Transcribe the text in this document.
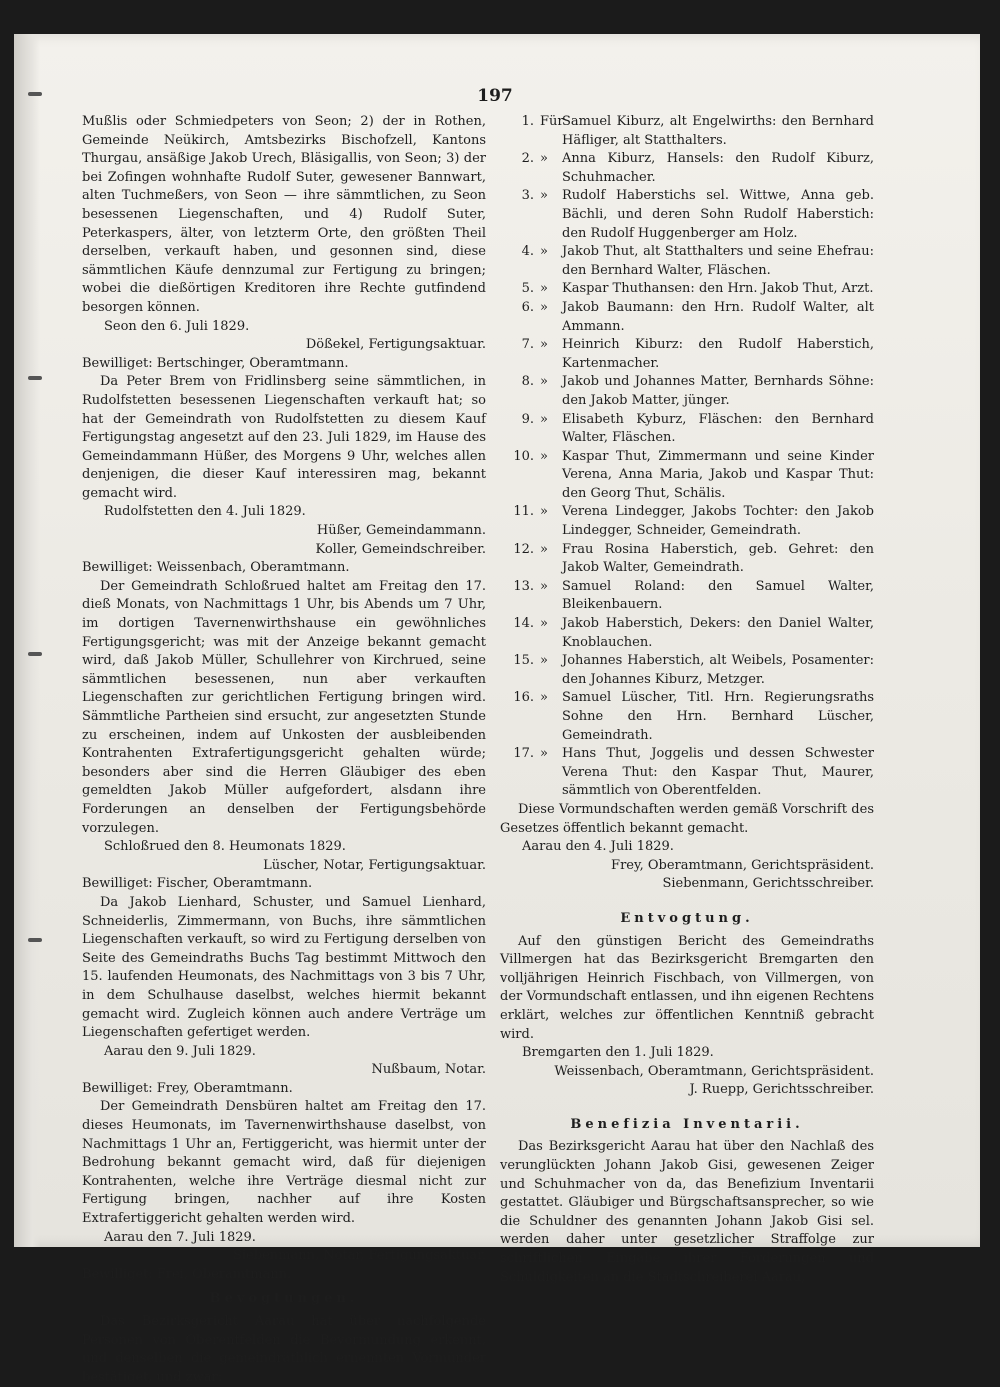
197

Mußlis oder Schmiedpeters von Seon; 2) der in Rothen, Gemeinde Neükirch, Amtsbezirks Bischofzell, Kantons Thurgau, ansäßige Jakob Urech, Bläsigallis, von Seon; 3) der bei Zofingen wohnhafte Rudolf Suter, gewesener Bannwart, alten Tuchmeßers, von Seon — ihre sämmtlichen, zu Seon besessenen Liegenschaften, und 4) Rudolf Suter, Peterkaspers, älter, von letzterm Orte, den größten Theil derselben, verkauft haben, und gesonnen sind, diese sämmtlichen Käufe dennzumal zur Fertigung zu bringen; wobei die dießörtigen Kreditoren ihre Rechte gutfindend besorgen können.

Seon den 6. Juli 1829.

Dößekel, Fertigungsaktuar.

Bewilliget: Bertschinger, Oberamtmann.

Da Peter Brem von Fridlinsberg seine sämmtlichen, in Rudolfstetten besessenen Liegenschaften verkauft hat; so hat der Gemeindrath von Rudolfstetten zu diesem Kauf Fertigungstag angesetzt auf den 23. Juli 1829, im Hause des Gemeindammann Hüßer, des Morgens 9 Uhr, welches allen denjenigen, die dieser Kauf interessiren mag, bekannt gemacht wird.

Rudolfstetten den 4. Juli 1829.

Hüßer, Gemeindammann.

Koller, Gemeindschreiber.

Bewilliget: Weissenbach, Oberamtmann.

Der Gemeindrath Schloßrued haltet am Freitag den 17. dieß Monats, von Nachmittags 1 Uhr, bis Abends um 7 Uhr, im dortigen Tavernenwirthshause ein gewöhnliches Fertigungsgericht; was mit der Anzeige bekannt gemacht wird, daß Jakob Müller, Schullehrer von Kirchrued, seine sämmtlichen besessenen, nun aber verkauften Liegenschaften zur gerichtlichen Fertigung bringen wird. Sämmtliche Partheien sind ersucht, zur angesetzten Stunde zu erscheinen, indem auf Unkosten der ausbleibenden Kontrahenten Extrafertigungsgericht gehalten würde; besonders aber sind die Herren Gläubiger des eben gemeldten Jakob Müller aufgefordert, alsdann ihre Forderungen an denselben der Fertigungsbehörde vorzulegen.

Schloßrued den 8. Heumonats 1829.

Lüscher, Notar, Fertigungsaktuar.

Bewilliget: Fischer, Oberamtmann.

Da Jakob Lienhard, Schuster, und Samuel Lienhard, Schneiderlis, Zimmermann, von Buchs, ihre sämmtlichen Liegenschaften verkauft, so wird zu Fertigung derselben von Seite des Gemeindraths Buchs Tag bestimmt Mittwoch den 15. laufenden Heumonats, des Nachmittags von 3 bis 7 Uhr, in dem Schulhause daselbst, welches hiermit bekannt gemacht wird. Zugleich können auch andere Verträge um Liegenschaften gefertiget werden.

Aarau den 9. Juli 1829.

Nußbaum, Notar.

Bewilliget: Frey, Oberamtmann.

Der Gemeindrath Densbüren haltet am Freitag den 17. dieses Heumonats, im Tavernenwirthshause daselbst, von Nachmittags 1 Uhr an, Fertiggericht, was hiermit unter der Bedrohung bekannt gemacht wird, daß für diejenigen Kontrahenten, welche ihre Verträge diesmal nicht zur Fertigung bringen, nachher auf ihre Kosten Extrafertiggericht gehalten werden wird.

Aarau den 7. Juli 1829.

Siebenmann, Notar, Fertigungsaktuar.

Bewilliget: Frei, Oberamtmann.

Bevogtungen.

Das Bezirksgericht Aarau hat über nachfolgende Personen von Oberentfelden die Bevormundung erkennt, und denselben die gemeindräthlich ernennten Vormünder bestätiget, und zwar:

1. Für
Samuel Kiburz, alt Engelwirths: den Bernhard Häfliger, alt Statthalters.
2. »	Anna Kiburz, Hansels: den Rudolf Kiburz, Schuhmacher.
3. »	Rudolf Haberstichs sel. Wittwe, Anna geb. Bächli, und deren Sohn Rudolf Haberstich: den Rudolf Huggenberger am Holz.
4. »	Jakob Thut, alt Statthalters und seine Ehefrau: den Bernhard Walter, Fläschen.
5. »	Kaspar Thuthansen: den Hrn. Jakob Thut, Arzt.
6. »	Jakob Baumann: den Hrn. Rudolf Walter, alt Ammann.
7. »	Heinrich Kiburz: den Rudolf Haberstich, Kartenmacher.
8. »	Jakob und Johannes Matter, Bernhards Söhne: den Jakob Matter, jünger.
9. »	Elisabeth Kyburz, Fläschen: den Bernhard Walter, Fläschen.
10. »	Kaspar Thut, Zimmermann und seine Kinder Verena, Anna Maria, Jakob und Kaspar Thut: den Georg Thut, Schälis.
11. »	Verena Lindegger, Jakobs Tochter: den Jakob Lindegger, Schneider, Gemeindrath.
12. »	Frau Rosina Haberstich, geb. Gehret: den Jakob Walter, Gemeindrath.
13. »	Samuel Roland: den Samuel Walter, Bleikenbauern.
14. »	Jakob Haberstich, Dekers: den Daniel Walter, Knoblauchen.
15. »	Johannes Haberstich, alt Weibels, Posamenter: den Johannes Kiburz, Metzger.
16. »	Samuel Lüscher, Titl. Hrn. Regierungsraths Sohne den Hrn. Bernhard Lüscher, Gemeindrath.
17. »	Hans Thut, Joggelis und dessen Schwester Verena Thut: den Kaspar Thut, Maurer, sämmtlich von Oberentfelden.

Diese Vormundschaften werden gemäß Vorschrift des Gesetzes öffentlich bekannt gemacht.

Aarau den 4. Juli 1829.

Frey, Oberamtmann, Gerichtspräsident.

Siebenmann, Gerichtsschreiber.

Entvogtung.

Auf den günstigen Bericht des Gemeindraths Villmergen hat das Bezirksgericht Bremgarten den volljährigen Heinrich Fischbach, von Villmergen, von der Vormundschaft entlassen, und ihn eigenen Rechtens erklärt, welches zur öffentlichen Kenntniß gebracht wird.

Bremgarten den 1. Juli 1829.

Weissenbach, Oberamtmann, Gerichtspräsident.

J. Ruepp, Gerichtsschreiber.

Benefizia Inventarii.

Das Bezirksgericht Aarau hat über den Nachlaß des verunglückten Johann Jakob Gisi, gewesenen Zeiger und Schuhmacher von da, das Benefizium Inventarii gestattet. Gläubiger und Bürgschaftsansprecher, so wie die Schuldner des genannten Johann Jakob Gisi sel. werden daher unter gesetzlicher Straffolge zur schriftlichen Eingabe ihrer Forderungen und Schuldigkeiten an die Stadtschreiberei Aarau,
